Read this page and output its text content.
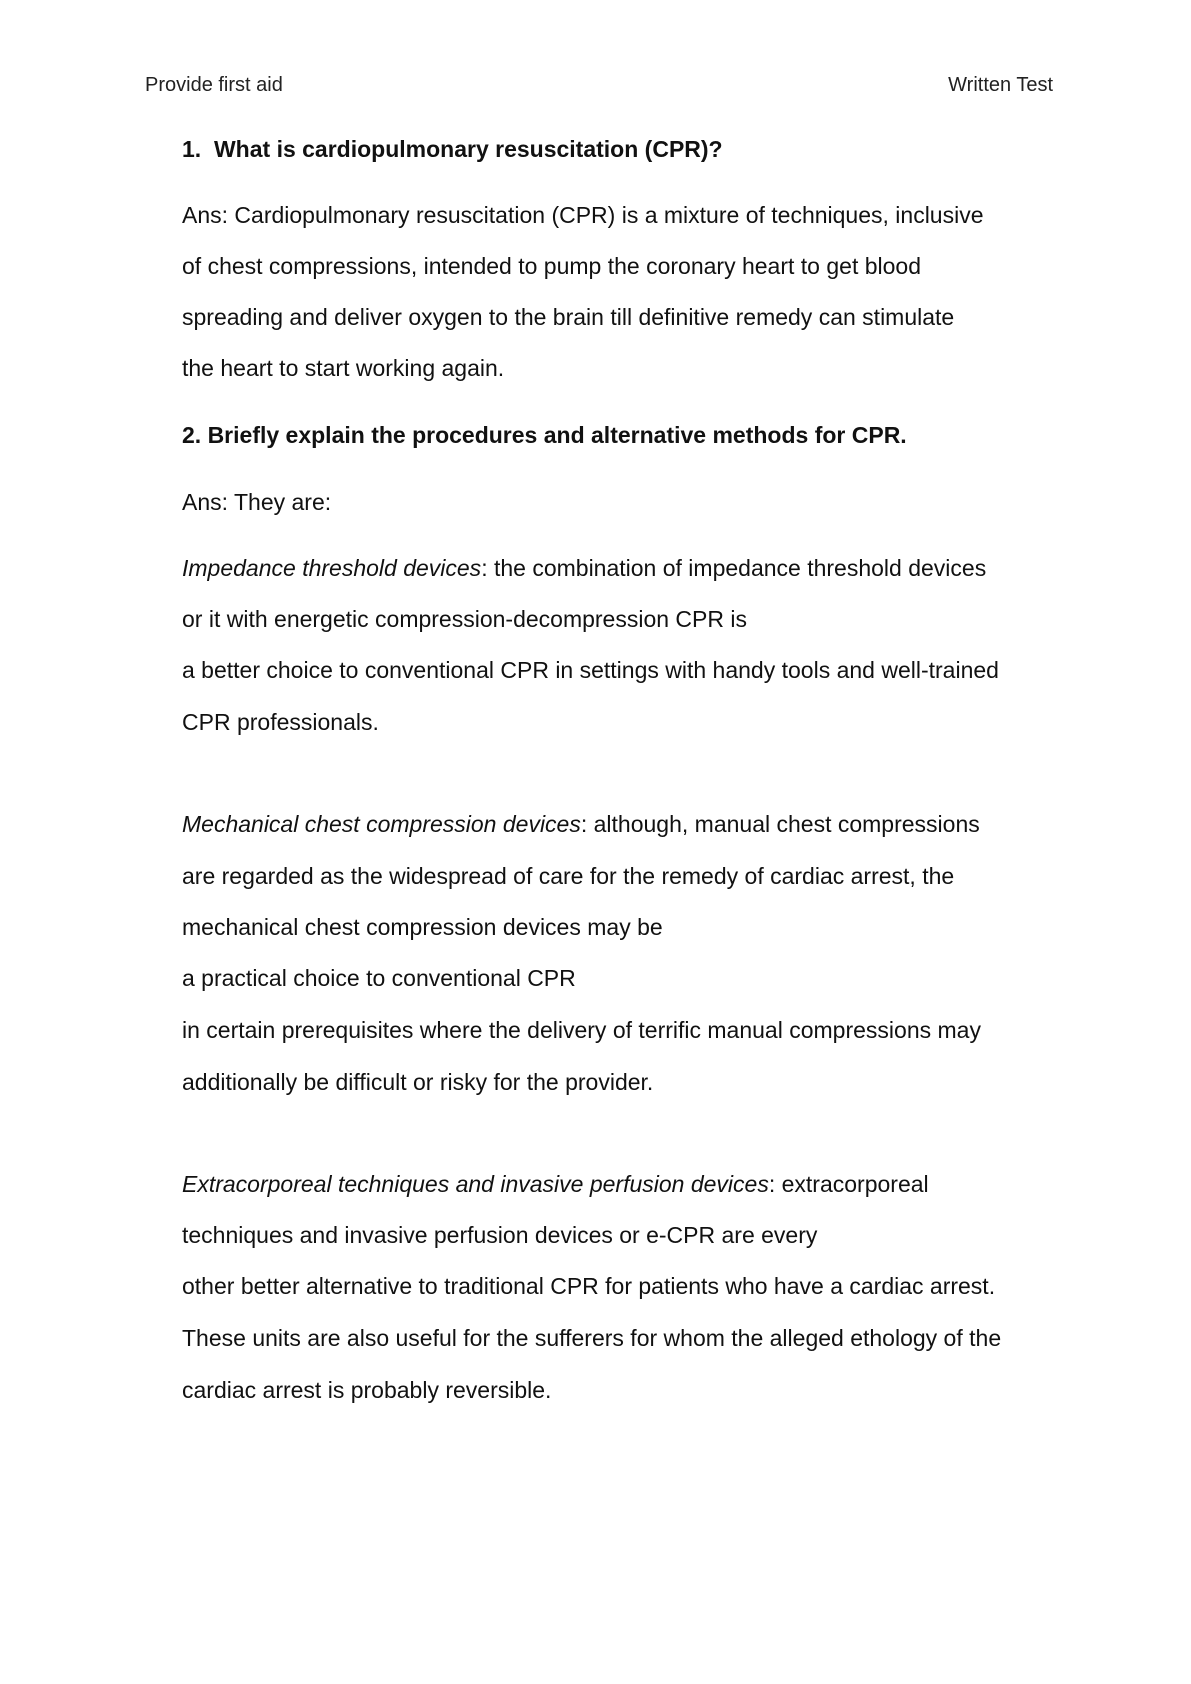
Provide first aid	Written Test
1. What is cardiopulmonary resuscitation (CPR)?
Ans: Cardiopulmonary resuscitation (CPR) is a mixture of techniques, inclusive
of chest compressions, intended to pump the coronary heart to get blood
spreading and deliver oxygen to the brain till definitive remedy can stimulate
the heart to start working again.
2. Briefly explain the procedures and alternative methods for CPR.
Ans: They are:
Impedance threshold devices: the combination of impedance threshold devices
or it with energetic compression-decompression CPR is
a better choice to conventional CPR in settings with handy tools and well-trained
CPR professionals.
Mechanical chest compression devices: although, manual chest compressions
are regarded as the widespread of care for the remedy of cardiac arrest, the
mechanical chest compression devices may be
a practical choice to conventional CPR
in certain prerequisites where the delivery of terrific manual compressions may
additionally be difficult or risky for the provider.
Extracorporeal techniques and invasive perfusion devices: extracorporeal
techniques and invasive perfusion devices or e-CPR are every
other better alternative to traditional CPR for patients who have a cardiac arrest.
These units are also useful for the sufferers for whom the alleged ethology of the
cardiac arrest is probably reversible.
